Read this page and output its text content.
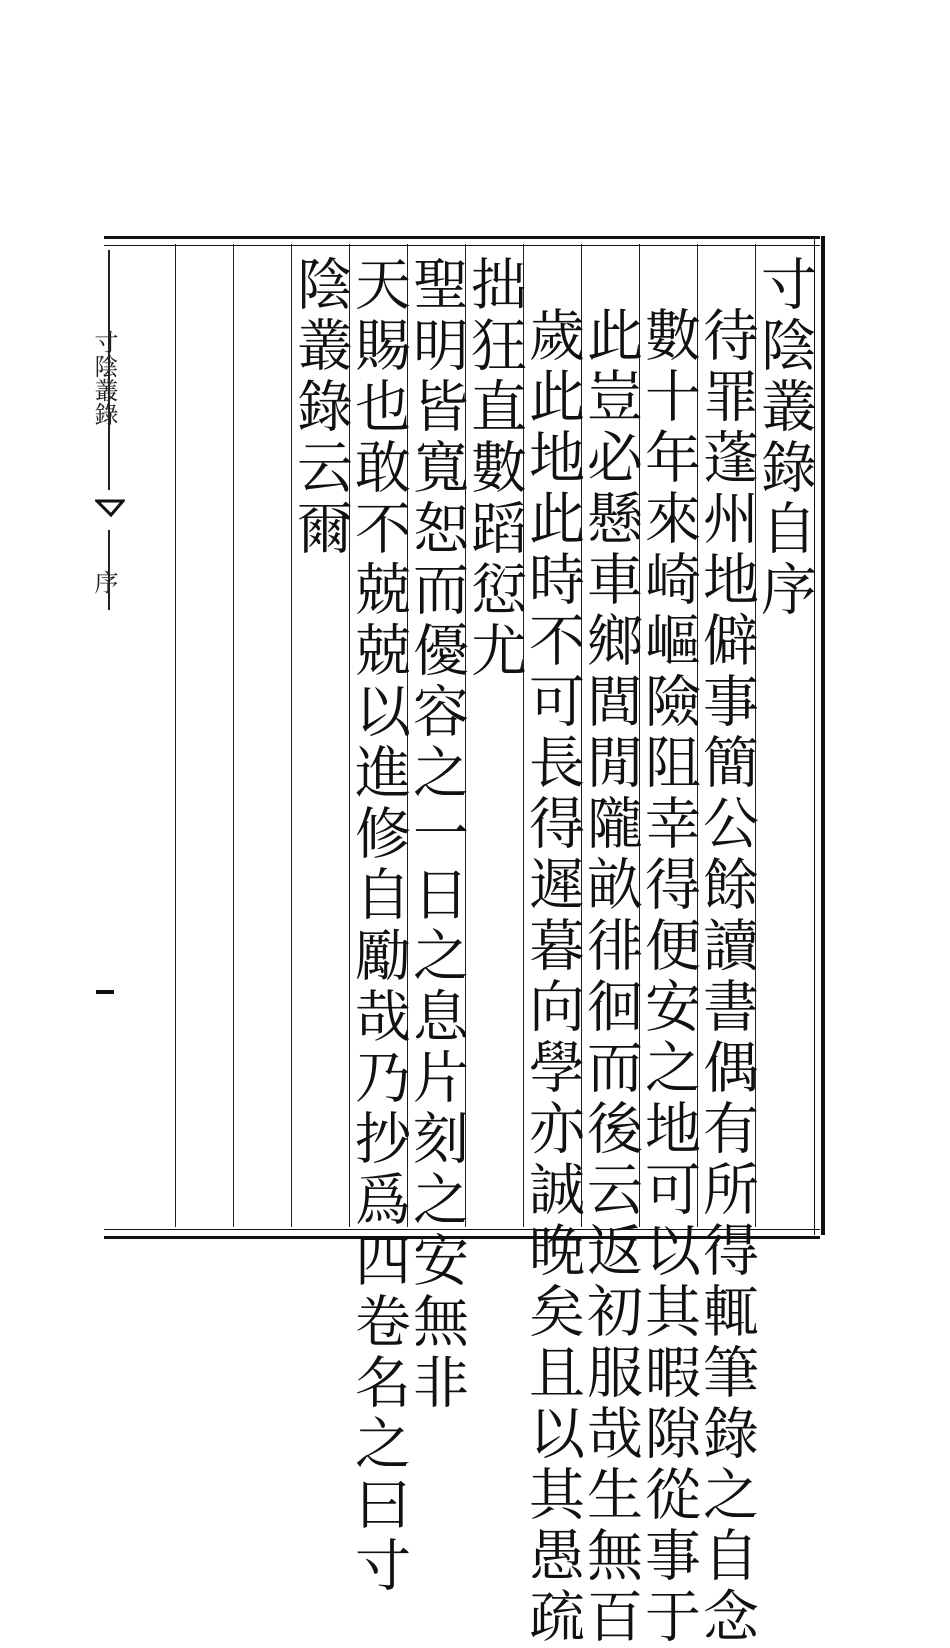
寸陰叢錄
序	寸陰叢錄自序
待罪蓬州地僻事簡公餘讀書偶有所得輒筆錄之自念
數十年來崎嶇險阻幸得便安之地可以其暇隙從事于
此豈必懸車鄉閭閒隴畝徘徊而後云返初服哉生無百
歲此地此時不可長得遲暮向學亦誠晚矣且以其愚疏
拙狂直數蹈愆尤
聖明皆寬恕而優容之一日之息片刻之安無非
天賜也敢不兢兢以進修自勵哉乃抄爲四卷名之曰寸
陰叢錄云爾
